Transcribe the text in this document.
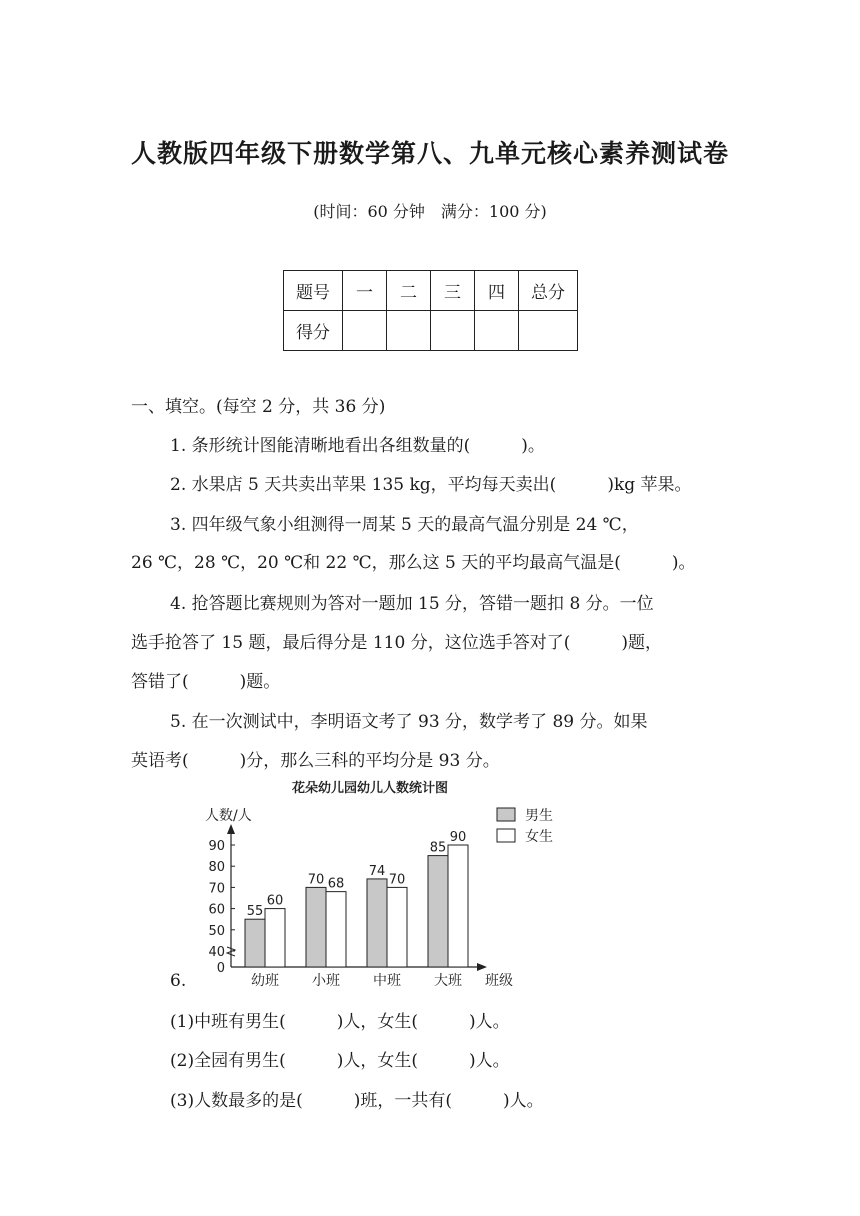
人教版四年级下册数学第八、九单元核心素养测试卷
(时间：60 分钟　满分：100 分)
题号	一	二	三	四	总分
得分					
一、填空。(每空 2 分，共 36 分)
1. 条形统计图能清晰地看出各组数量的(　　　)。
2. 水果店 5 天共卖出苹果 135 kg，平均每天卖出(　　　)kg 苹果。
3. 四年级气象小组测得一周某 5 天的最高气温分别是 24 ℃，
26 ℃，28 ℃，20 ℃和 22 ℃，那么这 5 天的平均最高气温是(　　　)。
4. 抢答题比赛规则为答对一题加 15 分，答错一题扣 8 分。一位
选手抢答了 15 题，最后得分是 110 分，这位选手答对了(　　　)题，
答错了(　　　)题。
5. 在一次测试中，李明语文考了 93 分，数学考了 89 分。如果
英语考(　　　)分，那么三科的平均分是 93 分。
6.
花朵幼儿园幼儿人数统计图
人数/人
班级
0
40
50
60
70
80
90
55
60
幼班
70 68
小班
74
70
中班
85
90
大班
男生
女生
(1)中班有男生(　　　)人，女生(　　　)人。
(2)全园有男生(　　　)人，女生(　　　)人。
(3)人数最多的是(　　　)班，一共有(　　　)人。
